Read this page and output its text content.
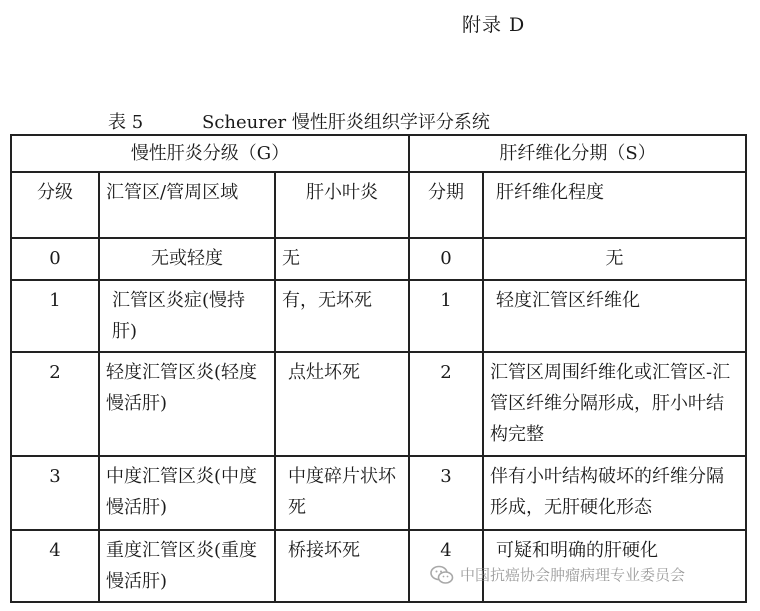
附录 D
表 5	Scheurer 慢性肝炎组织学评分系统
慢性肝炎分级（G）			肝纤维化分期（S）	
分级	汇管区/管周区域	肝小叶炎	分期	肝纤维化程度
0	无或轻度	无	0	无
1	汇管区炎症(慢持肝)	有，无坏死	1	轻度汇管区纤维化
2	轻度汇管区炎(轻度慢活肝)	点灶坏死	2	汇管区周围纤维化或汇管区-汇管区纤维分隔形成，肝小叶结构完整
3	中度汇管区炎(中度慢活肝)	中度碎片状坏死	3	伴有小叶结构破坏的纤维分隔形成，无肝硬化形态
4	重度汇管区炎(重度慢活肝)	桥接坏死	4	可疑和明确的肝硬化
中国抗癌协会肿瘤病理专业委员会
